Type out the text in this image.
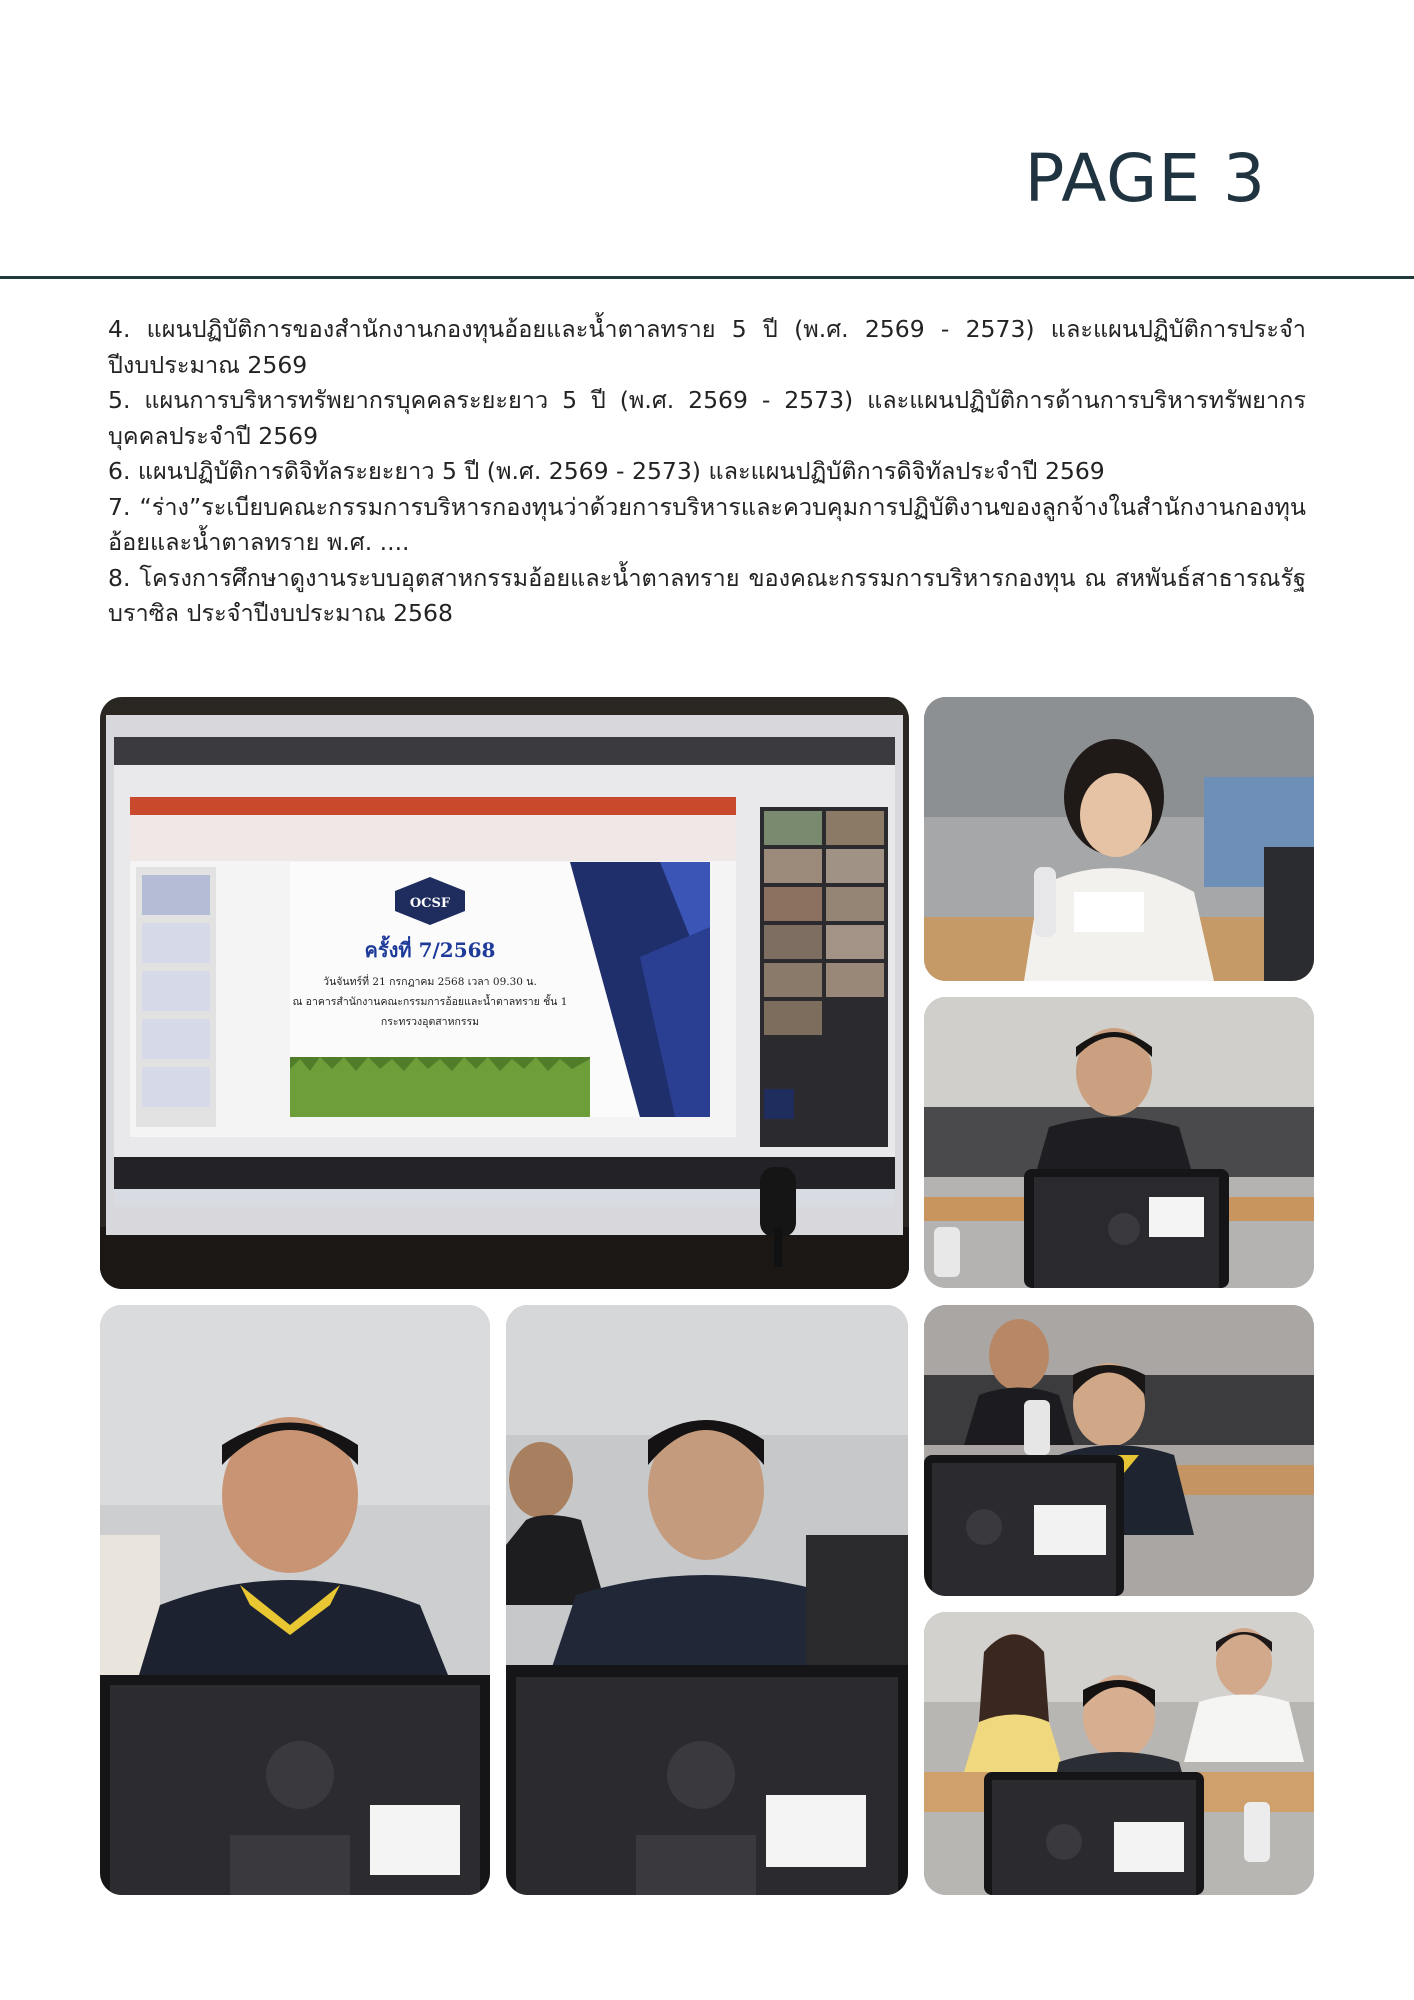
PAGE 3

4. แผนปฏิบัติการของสำนักงานกองทุนอ้อยและน้ำตาลทราย 5 ปี (พ.ศ. 2569 - 2573) และแผนปฏิบัติการประจำปีงบประมาณ 2569

5. แผนการบริหารทรัพยากรบุคคลระยะยาว 5 ปี (พ.ศ. 2569 - 2573) และแผนปฏิบัติการด้านการบริหารทรัพยากรบุคคลประจำปี 2569

6. แผนปฏิบัติการดิจิทัลระยะยาว 5 ปี (พ.ศ. 2569 - 2573) และแผนปฏิบัติการดิจิทัลประจำปี 2569

7. “ร่าง”ระเบียบคณะกรรมการบริหารกองทุนว่าด้วยการบริหารและควบคุมการปฏิบัติงานของลูกจ้างในสำนักงานกองทุนอ้อยและน้ำตาลทราย พ.ศ. ....

8. โครงการศึกษาดูงานระบบอุตสาหกรรมอ้อยและน้ำตาลทราย ของคณะกรรมการบริหารกองทุน ณ สหพันธ์สาธารณรัฐบราซิล ประจำปีงบประมาณ 2568

OCSF
ครั้งที่ 7/2568
วันจันทร์ที่ 21 กรกฎาคม 2568 เวลา 09.30 น.
ณ อาคารสำนักงานคณะกรรมการอ้อยและน้ำตาลทราย ชั้น 1
กระทรวงอุตสาหกรรม
